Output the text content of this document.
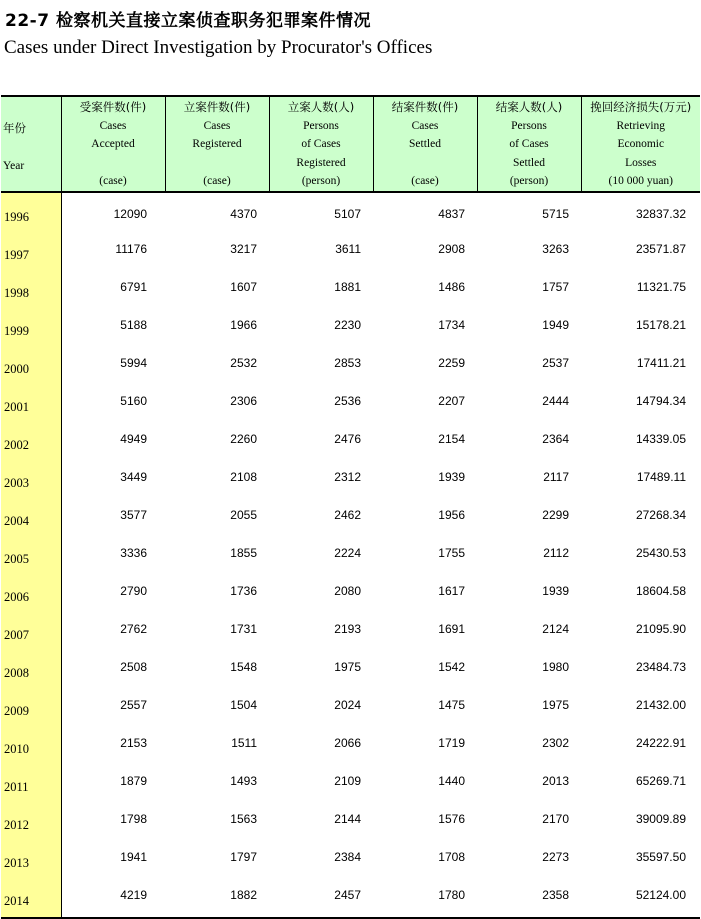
22-7 检察机关直接立案侦查职务犯罪案件情况
Cases under Direct Investigation by Procurator's Offices
年份
Year	受案件数(件)
Cases
Accepted
(case)	立案件数(件)
Cases
Registered
(case)	立案人数(人)
Persons
of Cases
Registered
(person)	结案件数(件)
Cases
Settled
(case)	结案人数(人)
Persons
of Cases
Settled
(person)	挽回经济损失(万元)
Retrieving
Economic
Losses
(10 000 yuan)

1996	12090	4370	5107	4837	5715	32837.32
1997	11176	3217	3611	2908	3263	23571.87
1998	6791	1607	1881	1486	1757	11321.75
1999	5188	1966	2230	1734	1949	15178.21
2000	5994	2532	2853	2259	2537	17411.21
2001	5160	2306	2536	2207	2444	14794.34
2002	4949	2260	2476	2154	2364	14339.05
2003	3449	2108	2312	1939	2117	17489.11
2004	3577	2055	2462	1956	2299	27268.34
2005	3336	1855	2224	1755	2112	25430.53
2006	2790	1736	2080	1617	1939	18604.58
2007	2762	1731	2193	1691	2124	21095.90
2008	2508	1548	1975	1542	1980	23484.73
2009	2557	1504	2024	1475	1975	21432.00
2010	2153	1511	2066	1719	2302	24222.91
2011	1879	1493	2109	1440	2013	65269.71
2012	1798	1563	2144	1576	2170	39009.89
2013	1941	1797	2384	1708	2273	35597.50
2014	4219	1882	2457	1780	2358	52124.00
